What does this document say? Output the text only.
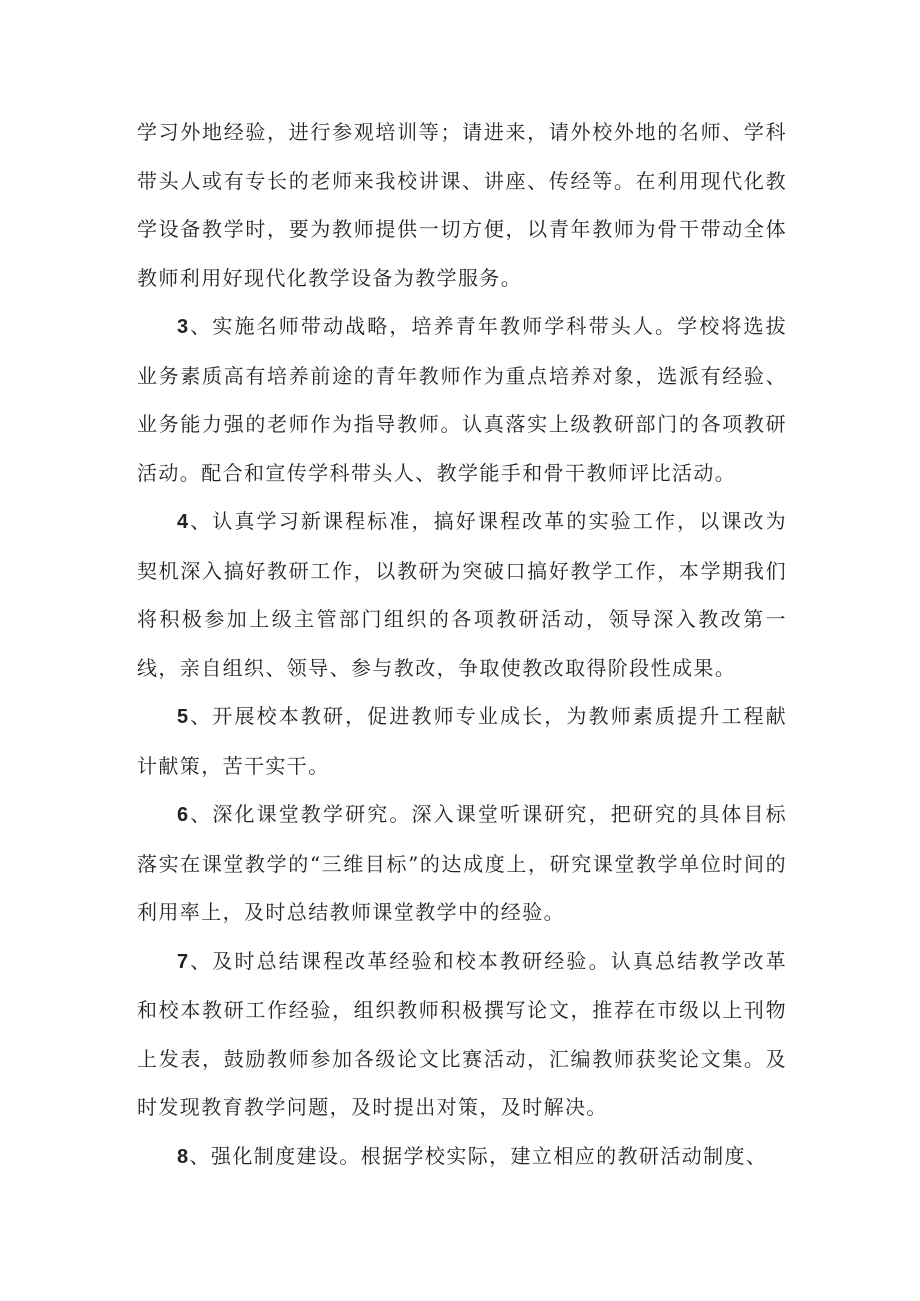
学习外地经验，进行参观培训等；请进来，请外校外地的名师、学科带头人或有专长的老师来我校讲课、讲座、传经等。在利用现代化教学设备教学时，要为教师提供一切方便，以青年教师为骨干带动全体教师利用好现代化教学设备为教学服务。

3、实施名师带动战略，培养青年教师学科带头人。学校将选拔业务素质高有培养前途的青年教师作为重点培养对象，选派有经验、业务能力强的老师作为指导教师。认真落实上级教研部门的各项教研活动。配合和宣传学科带头人、教学能手和骨干教师评比活动。

4、认真学习新课程标准，搞好课程改革的实验工作，以课改为契机深入搞好教研工作，以教研为突破口搞好教学工作，本学期我们将积极参加上级主管部门组织的各项教研活动，领导深入教改第一线，亲自组织、领导、参与教改，争取使教改取得阶段性成果。

5、开展校本教研，促进教师专业成长，为教师素质提升工程献计献策，苦干实干。

6、深化课堂教学研究。深入课堂听课研究，把研究的具体目标落实在课堂教学的“三维目标”的达成度上，研究课堂教学单位时间的利用率上，及时总结教师课堂教学中的经验。

7、及时总结课程改革经验和校本教研经验。认真总结教学改革和校本教研工作经验，组织教师积极撰写论文，推荐在市级以上刊物上发表，鼓励教师参加各级论文比赛活动，汇编教师获奖论文集。及时发现教育教学问题，及时提出对策，及时解决。

8、强化制度建设。根据学校实际，建立相应的教研活动制度、
